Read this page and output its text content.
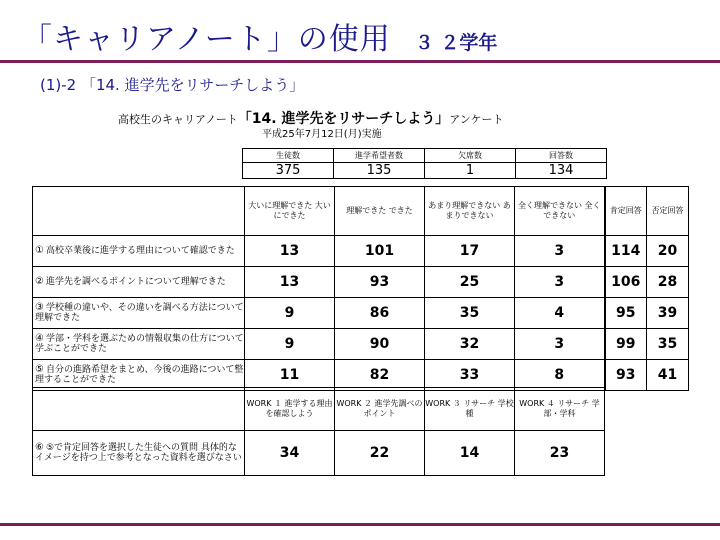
「キャリアノート」の使用 ３ ２学年
(1)-2 「14. 進学先をリサーチしよう」
高校生のキャリアノート「14. 進学先をリサーチしよう」アンケート
平成25年7月12日(月)実施
生徒数	進学希望者数	欠席数	回答数
375	135	1	134
	大いに理解できた 大いにできた	理解できた できた	あまり理解できない あまりできない	全く理解できない 全くできない	肯定回答	否定回答
① 高校卒業後に進学する理由について確認できた	13	101	17	3	114	20
② 進学先を調べるポイントについて理解できた	13	93	25	3	106	28
③ 学校種の違いや、その違いを調べる方法について理解できた	9	86	35	4	95	39
④ 学部・学科を選ぶための情報収集の仕方について学ぶことができた	9	90	32	3	99	35
⑤ 自分の進路希望をまとめ、今後の進路について整理することができた	11	82	33	8	93	41
	WORK １ 進学する理由を確認しよう	WORK ２ 進学先調べのポイント	WORK ３ リサーチ 学校種	WORK ４ リサーチ 学部・学科
⑥ ⑤で肯定回答を選択した生徒への質問 具体的なイメージを持つ上で参考となった資料を選びなさい	34	22	14	23
